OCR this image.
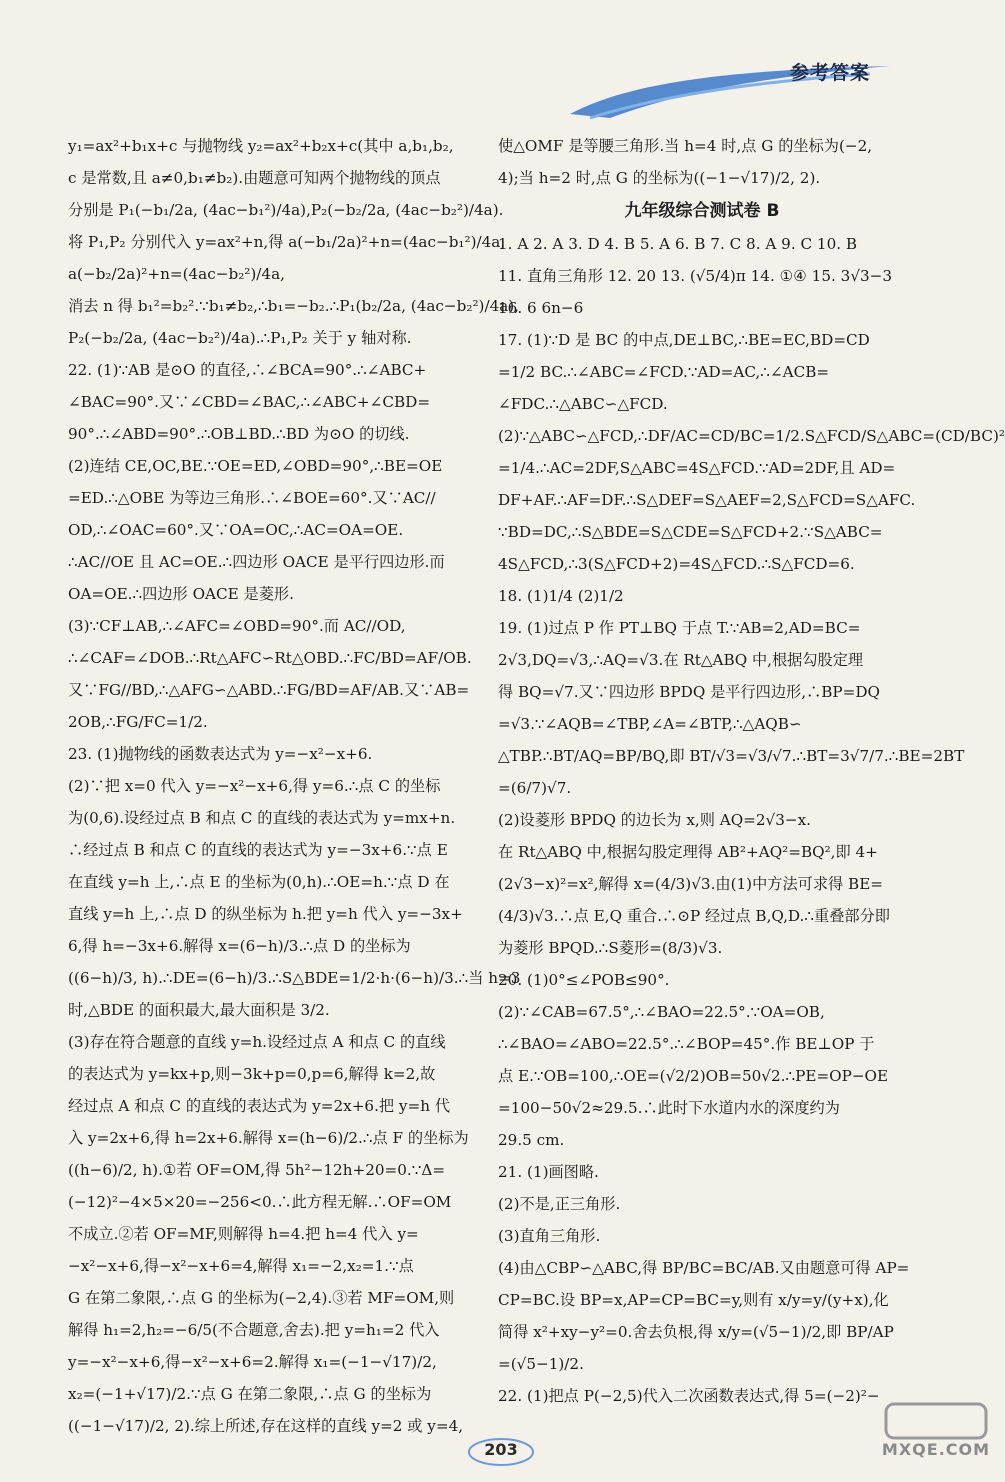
参考答案
y₁=ax²+b₁x+c 与抛物线 y₂=ax²+b₂x+c(其中 a,b₁,b₂,
c 是常数,且 a≠0,b₁≠b₂).由题意可知两个抛物线的顶点
分别是 P₁(−b₁/2a, (4ac−b₁²)/4a),P₂(−b₂/2a, (4ac−b₂²)/4a).
将 P₁,P₂ 分别代入 y=ax²+n,得 a(−b₁/2a)²+n=(4ac−b₁²)/4a,
a(−b₂/2a)²+n=(4ac−b₂²)/4a,
消去 n 得 b₁²=b₂².∵b₁≠b₂,∴b₁=−b₂.∴P₁(b₂/2a, (4ac−b₂²)/4a),
P₂(−b₂/2a, (4ac−b₂²)/4a).∴P₁,P₂ 关于 y 轴对称.
22. (1)∵AB 是⊙O 的直径,∴∠BCA=90°.∴∠ABC+
∠BAC=90°.又∵∠CBD=∠BAC,∴∠ABC+∠CBD=
90°.∴∠ABD=90°.∴OB⊥BD.∴BD 为⊙O 的切线.
(2)连结 CE,OC,BE.∵OE=ED,∠OBD=90°,∴BE=OE
=ED.∴△OBE 为等边三角形.∴∠BOE=60°.又∵AC//
OD,∴∠OAC=60°.又∵OA=OC,∴AC=OA=OE.
∴AC//OE 且 AC=OE.∴四边形 OACE 是平行四边形.而
OA=OE.∴四边形 OACE 是菱形.
(3)∵CF⊥AB,∴∠AFC=∠OBD=90°.而 AC//OD,
∴∠CAF=∠DOB.∴Rt△AFC∽Rt△OBD.∴FC/BD=AF/OB.
又∵FG//BD,∴△AFG∽△ABD.∴FG/BD=AF/AB.又∵AB=
2OB,∴FG/FC=1/2.
23. (1)抛物线的函数表达式为 y=−x²−x+6.
(2)∵把 x=0 代入 y=−x²−x+6,得 y=6.∴点 C 的坐标
为(0,6).设经过点 B 和点 C 的直线的表达式为 y=mx+n.
∴经过点 B 和点 C 的直线的表达式为 y=−3x+6.∵点 E
在直线 y=h 上,∴点 E 的坐标为(0,h).∴OE=h.∵点 D 在
直线 y=h 上,∴点 D 的纵坐标为 h.把 y=h 代入 y=−3x+
6,得 h=−3x+6.解得 x=(6−h)/3.∴点 D 的坐标为
((6−h)/3, h).∴DE=(6−h)/3.∴S△BDE=1/2·h·(6−h)/3.∴当 h=3
时,△BDE 的面积最大,最大面积是 3/2.
(3)存在符合题意的直线 y=h.设经过点 A 和点 C 的直线
的表达式为 y=kx+p,则−3k+p=0,p=6,解得 k=2,故
经过点 A 和点 C 的直线的表达式为 y=2x+6.把 y=h 代
入 y=2x+6,得 h=2x+6.解得 x=(h−6)/2.∴点 F 的坐标为
((h−6)/2, h).①若 OF=OM,得 5h²−12h+20=0.∵Δ=
(−12)²−4×5×20=−256<0.∴此方程无解.∴OF=OM
不成立.②若 OF=MF,则解得 h=4.把 h=4 代入 y=
−x²−x+6,得−x²−x+6=4,解得 x₁=−2,x₂=1.∵点
G 在第二象限,∴点 G 的坐标为(−2,4).③若 MF=OM,则
解得 h₁=2,h₂=−6/5(不合题意,舍去).把 y=h₁=2 代入
y=−x²−x+6,得−x²−x+6=2.解得 x₁=(−1−√17)/2,
x₂=(−1+√17)/2.∵点 G 在第二象限,∴点 G 的坐标为
((−1−√17)/2, 2).综上所述,存在这样的直线 y=2 或 y=4,
使△OMF 是等腰三角形.当 h=4 时,点 G 的坐标为(−2,
4);当 h=2 时,点 G 的坐标为((−1−√17)/2, 2).
九年级综合测试卷 B
1. A 2. A 3. D 4. B 5. A 6. B 7. C 8. A 9. C 10. B
11. 直角三角形 12. 20 13. (√5/4)π 14. ①④ 15. 3√3−3
16. 6 6n−6
17. (1)∵D 是 BC 的中点,DE⊥BC,∴BE=EC,BD=CD
=1/2 BC.∴∠ABC=∠FCD.∵AD=AC,∴∠ACB=
∠FDC.∴△ABC∽△FCD.
(2)∵△ABC∽△FCD,∴DF/AC=CD/BC=1/2.S△FCD/S△ABC=(CD/BC)²
=1/4.∴AC=2DF,S△ABC=4S△FCD.∵AD=2DF,且 AD=
DF+AF.∴AF=DF.∴S△DEF=S△AEF=2,S△FCD=S△AFC.
∵BD=DC,∴S△BDE=S△CDE=S△FCD+2.∵S△ABC=
4S△FCD,∴3(S△FCD+2)=4S△FCD.∴S△FCD=6.
18. (1)1/4 (2)1/2
19. (1)过点 P 作 PT⊥BQ 于点 T.∵AB=2,AD=BC=
2√3,DQ=√3,∴AQ=√3.在 Rt△ABQ 中,根据勾股定理
得 BQ=√7.又∵四边形 BPDQ 是平行四边形,∴BP=DQ
=√3.∵∠AQB=∠TBP,∠A=∠BTP,∴△AQB∽
△TBP.∴BT/AQ=BP/BQ,即 BT/√3=√3/√7.∴BT=3√7/7.∴BE=2BT
=(6/7)√7.
(2)设菱形 BPDQ 的边长为 x,则 AQ=2√3−x.
在 Rt△ABQ 中,根据勾股定理得 AB²+AQ²=BQ²,即 4+
(2√3−x)²=x²,解得 x=(4/3)√3.由(1)中方法可求得 BE=
(4/3)√3.∴点 E,Q 重合.∴⊙P 经过点 B,Q,D.∴重叠部分即
为菱形 BPQD.∴S菱形=(8/3)√3.
20. (1)0°≤∠POB≤90°.
(2)∵∠CAB=67.5°,∴∠BAO=22.5°.∵OA=OB,
∴∠BAO=∠ABO=22.5°.∴∠BOP=45°.作 BE⊥OP 于
点 E.∵OB=100,∴OE=(√2/2)OB=50√2.∴PE=OP−OE
=100−50√2≈29.5.∴此时下水道内水的深度约为
29.5 cm.
21. (1)画图略.
(2)不是,正三角形.
(3)直角三角形.
(4)由△CBP∽△ABC,得 BP/BC=BC/AB.又由题意可得 AP=
CP=BC.设 BP=x,AP=CP=BC=y,则有 x/y=y/(y+x),化
简得 x²+xy−y²=0.舍去负根,得 x/y=(√5−1)/2,即 BP/AP
=(√5−1)/2.
22. (1)把点 P(−2,5)代入二次函数表达式,得 5=(−2)²−
203	MXQE.COM
